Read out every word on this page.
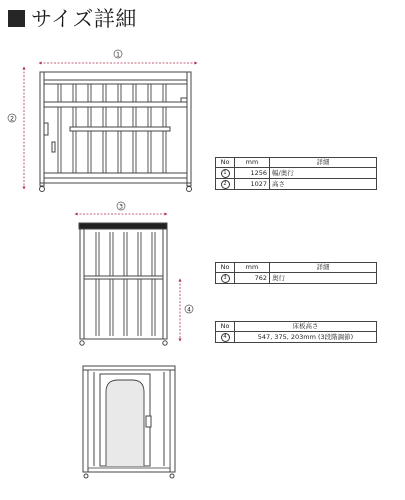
サイズ詳細
1
2
3
4
No	mm	詳細
1	1256	幅/奥行
2	1027	高さ
No	mm	詳細
3	762	奥行
No	床板高さ
4	547, 375, 203mm (3段階調節)
